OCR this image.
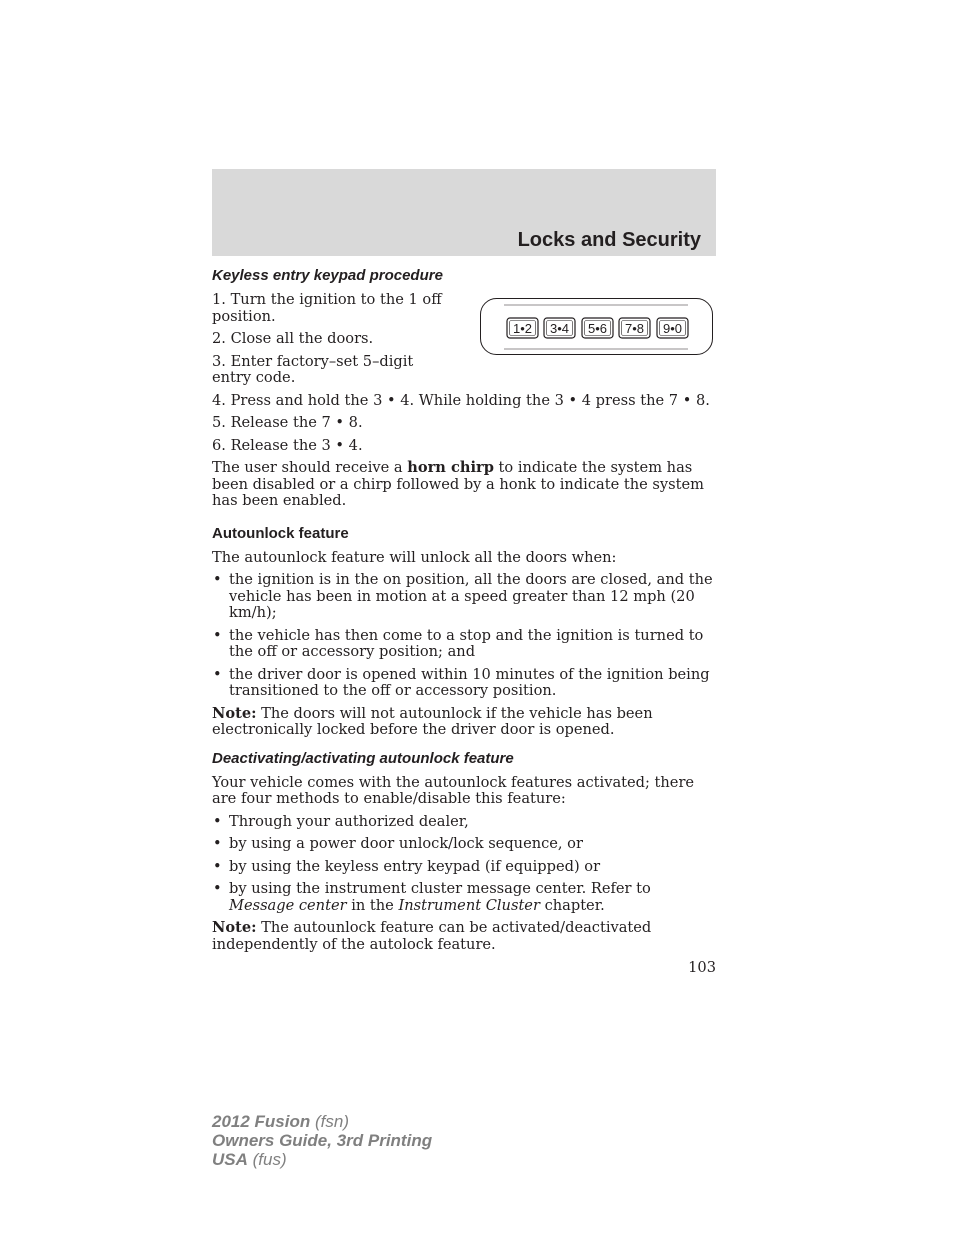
Locks and Security
Keyless entry keypad procedure

1. Turn the ignition to the 1 off position.

2. Close all the doors.

3. Enter factory–set 5–digit entry code.

1•2 3•4 5•6 7•8 9•0

4. Press and hold the 3 • 4. While holding the 3 • 4 press the 7 • 8.

5. Release the 7 • 8.

6. Release the 3 • 4.

The user should receive a horn chirp to indicate the system has been disabled or a chirp followed by a honk to indicate the system has been enabled.

Autounlock feature

The autounlock feature will unlock all the doors when:

• the ignition is in the on position, all the doors are closed, and the vehicle has been in motion at a speed greater than 12 mph (20 km/h);
• the vehicle has then come to a stop and the ignition is turned to the off or accessory position; and
• the driver door is opened within 10 minutes of the ignition being transitioned to the off or accessory position.

Note: The doors will not autounlock if the vehicle has been electronically locked before the driver door is opened.

Deactivating/activating autounlock feature

Your vehicle comes with the autounlock features activated; there are four methods to enable/disable this feature:

• Through your authorized dealer,
• by using a power door unlock/lock sequence, or
• by using the keyless entry keypad (if equipped) or
• by using the instrument cluster message center. Refer to Message center in the Instrument Cluster chapter.

Note: The autounlock feature can be activated/deactivated independently of the autolock feature.

103
2012 Fusion (fsn)
Owners Guide, 3rd Printing
USA (fus)
